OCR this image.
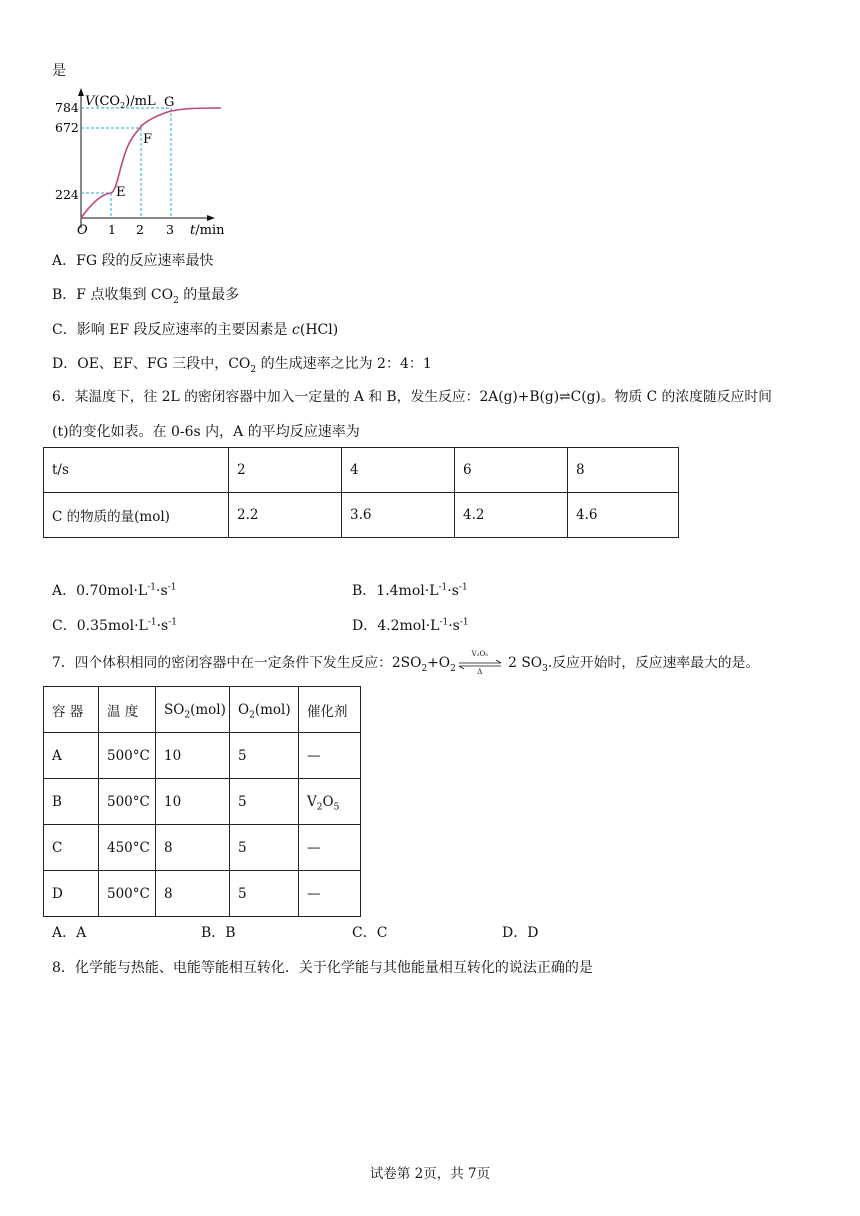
是
$V(CO_2)/mL$
784
672
224
O 1 2 3 t/min
E
F
G
A．FG 段的反应速率最快
B．F 点收集到 $CO_2$ 的量最多
C．影响 EF 段反应速率的主要因素是 c(HCl)
D．OE、EF、FG 三段中，$CO_2$ 的生成速率之比为 2：4：1
6．某温度下，往 2L 的密闭容器中加入一定量的 A 和 B，发生反应：2A(g)+B(g)⇌C(g)。物质 C 的浓度随反应时间
(t)的变化如表。在 0-6s 内，A 的平均反应速率为
t/s	2	4	6	8
C 的物质的量(mol)	2.2	3.6	4.2	4.6
A．$0.70mol\cdot L^{-1}\cdot s^{-1}$	B．$1.4mol\cdot L^{-1}\cdot s^{-1}$
C．$0.35mol\cdot L^{-1}\cdot s^{-1}$	D．$4.2mol\cdot L^{-1}\cdot s^{-1}$
7．四个体积相同的密闭容器中在一定条件下发生反应：$2SO_2+O_2$
V₂O₅
Δ
2 $SO_3$.反应开始时，反应速率最大的是。
容 器	温 度	$SO_2(mol)$	$O_2(mol)$	催化剂
A	500°C	10	5	—
B	500°C	10	5	$V_2O_5$
C	450°C	8	5	—
D	500°C	8	5	—
A．A	B．B	C．C	D．D
8．化学能与热能、电能等能相互转化．关于化学能与其他能量相互转化的说法正确的是
试卷第 2页，共 7页
